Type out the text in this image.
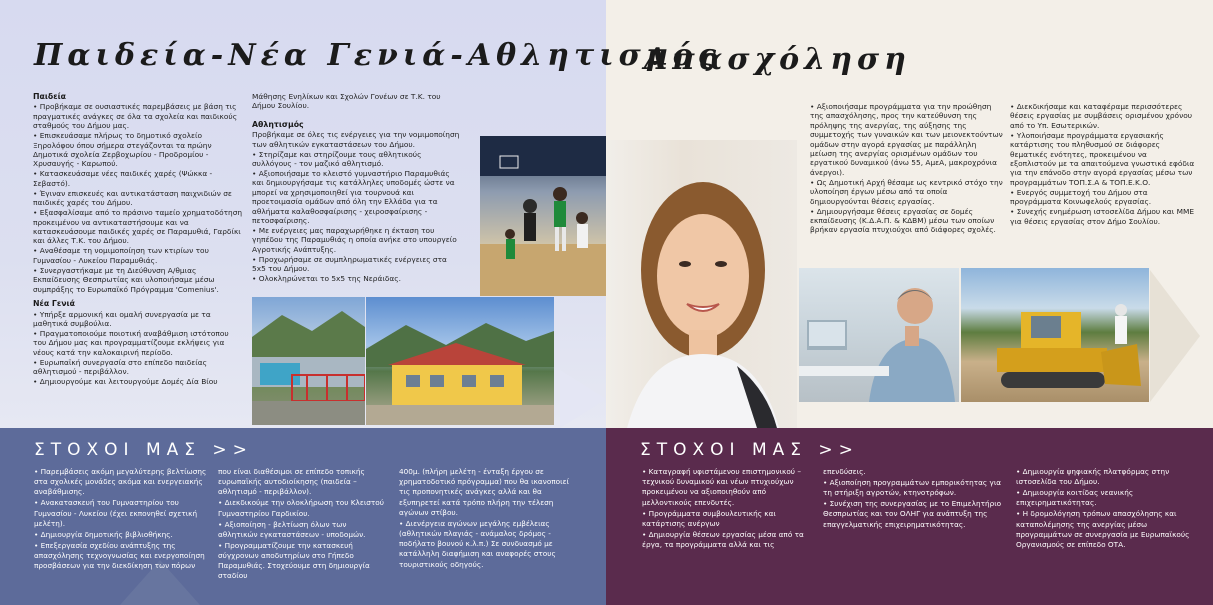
Παιδεία-Νέα Γενιά-Αθλητισμός
Απασχόληση
Παιδεία

• Προβήκαμε σε ουσιαστικές παρεμβάσεις με βάση τις πραγματικές ανάγκες σε όλα τα σχολεία και παιδικούς σταθμούς του Δήμου μας.

• Επισκευάσαμε πλήρως το δημοτικό σχολείο Ξηρολόφου όπου σήμερα στεγάζονται τα πρώην Δημοτικά σχολεία Ζερβοχωρίου - Προδρομίου - Χρυσαυγής - Καρωπού.

• Κατασκευάσαμε νέες παιδικές χαρές (Ψώκκα - Σεβαστό).

• Έγιναν επισκευές και αντικατάσταση παιχνιδιών σε παιδικές χαρές του Δήμου.

• Εξασφαλίσαμε από το πράσινο ταμείο χρηματοδότηση προκειμένου να αντικαταστήσουμε και να κατασκευάσουμε παιδικές χαρές σε Παραμυθιά, Γαρδίκι και άλλες Τ.Κ. του Δήμου.

• Αναθέσαμε τη νομιμοποίηση των κτιρίων του Γυμνασίου - Λυκείου Παραμυθιάς.

• Συνεργαστήκαμε με τη Διεύθυνση Α/θμιας Εκπαίδευσης Θεσπρωτίας και υλοποιήσαμε μέσω συμπράξης το Ευρωπαϊκό Πρόγραμμα 'Comenius'.

Νέα Γενιά

• Υπήρξε αρμονική και ομαλή συνεργασία με τα μαθητικά συμβούλια.

• Πραγματοποιούμε ποιοτική αναβάθμιση ιστότοπου του Δήμου μας και προγραμματίζουμε εκλήψεις για νέους κατά την καλοκαιρινή περίοδο.

• Ευρωπαϊκή συνεργασία στο επίπεδο παιδείας αθλητισμού - περιβάλλον.

• Δημιουργούμε και λειτουργούμε Δομές Δία Βίου

Μάθησης Ενηλίκων και Σχολών Γονέων σε Τ.Κ. του Δήμου Σουλίου.

Αθλητισμός

Προβήκαμε σε όλες τις ενέργειες για την νομιμοποίηση των αθλητικών εγκαταστάσεων του Δήμου.

• Στηρίζαμε και στηρίζουμε τους αθλητικούς συλλόγους - τον μαζικό αθλητισμό.

• Αξιοποιήσαμε το κλειστό γυμναστήριο Παραμυθιάς και δημιουργήσαμε τις κατάλληλες υποδομές ώστε να μπορεί να χρησιμοποιηθεί για τουρνουά και προετοιμασία ομάδων από όλη την Ελλάδα για τα αθλήματα καλαθοσφαίρισης - χειροσφαίρισης - πετοσφαίρισης.

• Με ενέργειες μας παραχωρήθηκε η έκταση του γηπέδου της Παραμυθιάς η οποία ανήκε στο υπουργείο Αγροτικής Ανάπτυξης.

• Προχωρήσαμε σε συμπληρωματικές ενέργειες στα 5x5 του Δήμου.

• Ολοκληρώνεται το 5x5 της Νεράιδας.

• Αξιοποιήσαμε προγράμματα για την προώθηση της απασχόλησης, προς την κατεύθυνση της πρόληψης της ανεργίας, της αύξησης της συμμετοχής των γυναικών και των μειονεκτούντων ομάδων στην αγορά εργασίας με παράλληλη μείωση της ανεργίας ορισμένων ομάδων του εργατικού δυναμικού (άνω 55, ΑμεΑ, μακροχρόνια άνεργοι).

• Ως Δημοτική Αρχή θέσαμε ως κεντρικό στόχο την υλοποίηση έργων μέσω από τα οποία δημιουργούνται θέσεις εργασίας.

• Δημιουργήσαμε θέσεις εργασίας σε δομές εκπαίδευσης (Κ.Δ.Α.Π. & ΚΔΒΜ) μέσω των οποίων βρήκαν εργασία πτυχιούχοι από διάφορες σχολές.

• Διεκδικήσαμε και καταφέραμε περισσότερες θέσεις εργασίας με συμβάσεις ορισμένου χρόνου από το Υπ. Εσωτερικών.

• Υλοποιήσαμε προγράμματα εργασιακής κατάρτισης του πληθυσμού σε διάφορες θεματικές ενότητες, προκειμένου να εξοπλιστούν με τα απαιτούμενα γνωστικά εφόδια για την επάνοδο στην αγορά εργασίας μέσω των προγραμμάτων ΤΟΠ.Σ.Α & ΤΟΠ.Ε.Κ.Ο.

• Ενεργός συμμετοχή του Δήμου στα προγράμματα Κοινωφελούς εργασίας.

• Συνεχής ενημέρωση ιστοσελίδα Δήμου και ΜΜΕ για θέσεις εργασίας στον Δήμο Σουλίου.

ΣΤΟΧΟΙ ΜΑΣ >>

• Παρεμβάσεις ακόμη μεγαλύτερης βελτίωσης στα σχολικές μονάδες ακόμα και ενεργειακής αναβάθμισης.

• Ανακατασκευή του Γυμναστηρίου του Γυμνασίου - Λυκείου (έχει εκπονηθεί σχετική μελέτη).

• Δημιουργία δημοτικής βιβλιοθήκης.

• Επεξεργασία σχεδίου ανάπτυξης της απασχόλησης τεχνογνωσίας και ενεργοποίηση προσβάσεων για την διεκδίκηση των πόρων

που είναι διαθέσιμοι σε επίπεδο τοπικής ευρωπαϊκής αυτοδιοίκησης (παιδεία – αθλητισμό - περιβάλλον).

• Διεκδικούμε την ολοκλήρωση του Κλειστού Γυμναστηρίου Γαρδικίου.

• Αξιοποίηση - βελτίωση όλων των αθλητικών εγκαταστάσεων - υποδομών.

• Προγραμματίζουμε την κατασκευή σύγχρονων αποδυτηρίων στο Γήπεδο Παραμυθιάς. Στοχεύουμε στη δημιουργία σταδίου

400μ. (πλήρη μελέτη - ένταξη έργου σε χρηματοδοτικό πρόγραμμα) που θα ικανοποιεί τις προπονητικές ανάγκες αλλά και θα εξυπηρετεί κατά τρόπο πλήρη την τέλεση αγώνων στίβου.

• Διενέργεια αγώνων μεγάλης εμβέλειας (αθλητικών πλαγιάς - ανάμαλος δρόμος - ποδήλατο βουνού κ.λ.π.) Σε συνδυασμό με κατάλληλη διαφήμιση και αναφορές στους τουριστικούς οδηγούς.

ΣΤΟΧΟΙ ΜΑΣ >>

• Καταγραφή υφιστάμενου επιστημονικού – τεχνικού δυναμικού και νέων πτυχιούχων προκειμένου να αξιοποιηθούν από μελλοντικούς επενδυτές.

• Προγράμματα συμβουλευτικής και κατάρτισης ανέργων

• Δημιουργία θέσεων εργασίας μέσα από τα έργα, τα προγράμματα αλλά και τις

επενδύσεις.

• Αξιοποίηση προγραμμάτων εμπορικότητας για τη στήριξη αγροτών, κτηνοτρόφων.

• Συνέχιση της συνεργασίας με το Επιμελητήριο Θεσπρωτίας και τον ΟΛΗΓ για ανάπτυξη της επαγγελματικής επιχειρηματικότητας.

• Δημιουργία ψηφιακής πλατφόρμας στην ιστοσελίδα του Δήμου.

• Δημιουργία κοιτίδας νεανικής επιχειρηματικότητας.

• Η δρομολόγηση τρόπων απασχόλησης και καταπολέμησης της ανεργίας μέσω προγραμμάτων σε συνεργασία με Ευρωπαϊκούς Οργανισμούς σε επίπεδο ΟΤΑ.
